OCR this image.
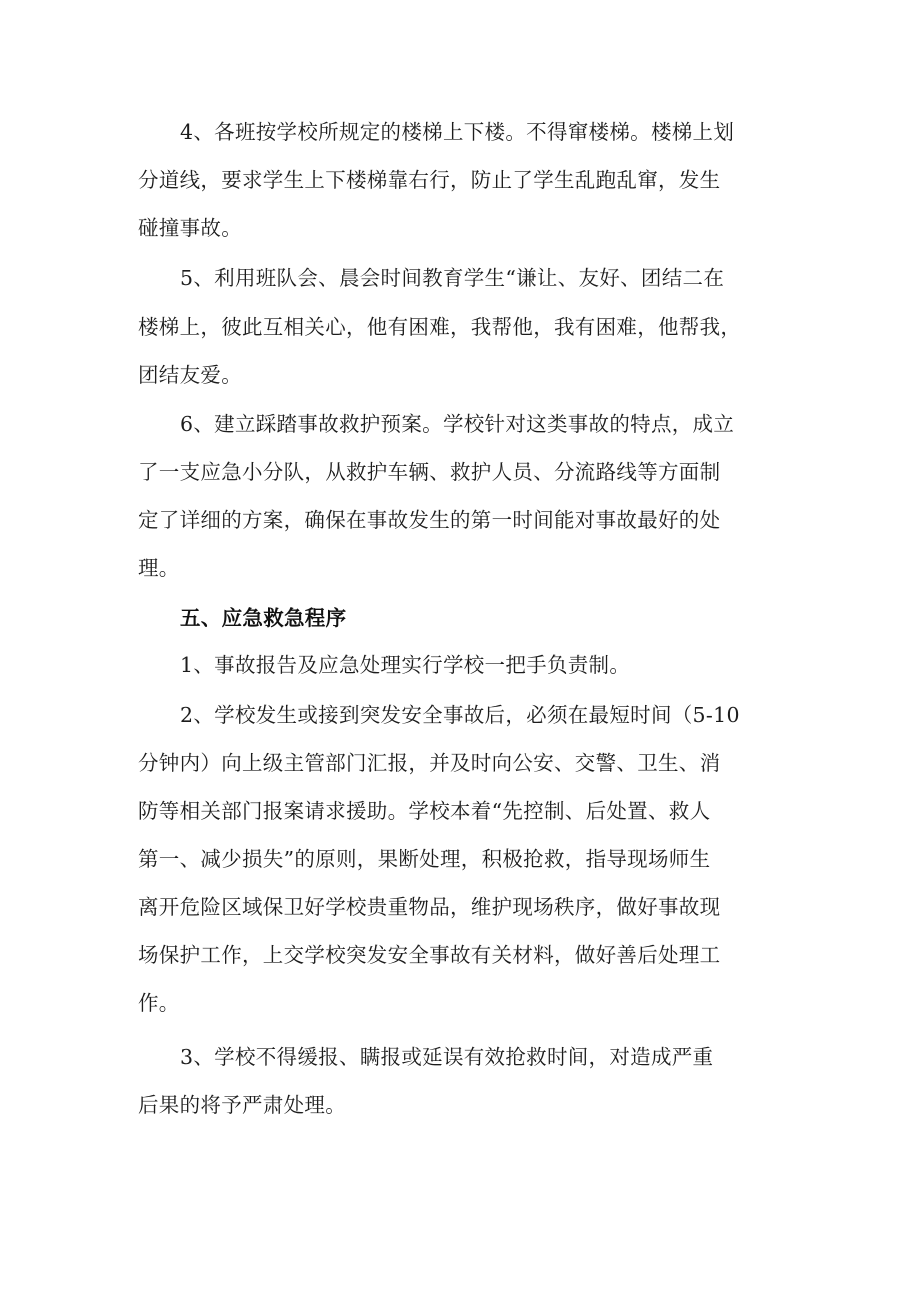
4、各班按学校所规定的楼梯上下楼。不得窜楼梯。楼梯上划

分道线，要求学生上下楼梯靠右行，防止了学生乱跑乱窜，发生

碰撞事故。

5、利用班队会、晨会时间教育学生“谦让、友好、团结二在

楼梯上，彼此互相关心，他有困难，我帮他，我有困难，他帮我，

团结友爱。

6、建立踩踏事故救护预案。学校针对这类事故的特点，成立

了一支应急小分队，从救护车辆、救护人员、分流路线等方面制

定了详细的方案，确保在事故发生的第一时间能对事故最好的处

理。

五、应急救急程序

1、事故报告及应急处理实行学校一把手负责制。

2、学校发生或接到突发安全事故后，必须在最短时间（5-10

分钟内）向上级主管部门汇报，并及时向公安、交警、卫生、消

防等相关部门报案请求援助。学校本着“先控制、后处置、救人

第一、减少损失”的原则，果断处理，积极抢救，指导现场师生

离开危险区域保卫好学校贵重物品，维护现场秩序，做好事故现

场保护工作，上交学校突发安全事故有关材料，做好善后处理工

作。

3、学校不得缓报、瞒报或延误有效抢救时间，对造成严重

后果的将予严肃处理。
